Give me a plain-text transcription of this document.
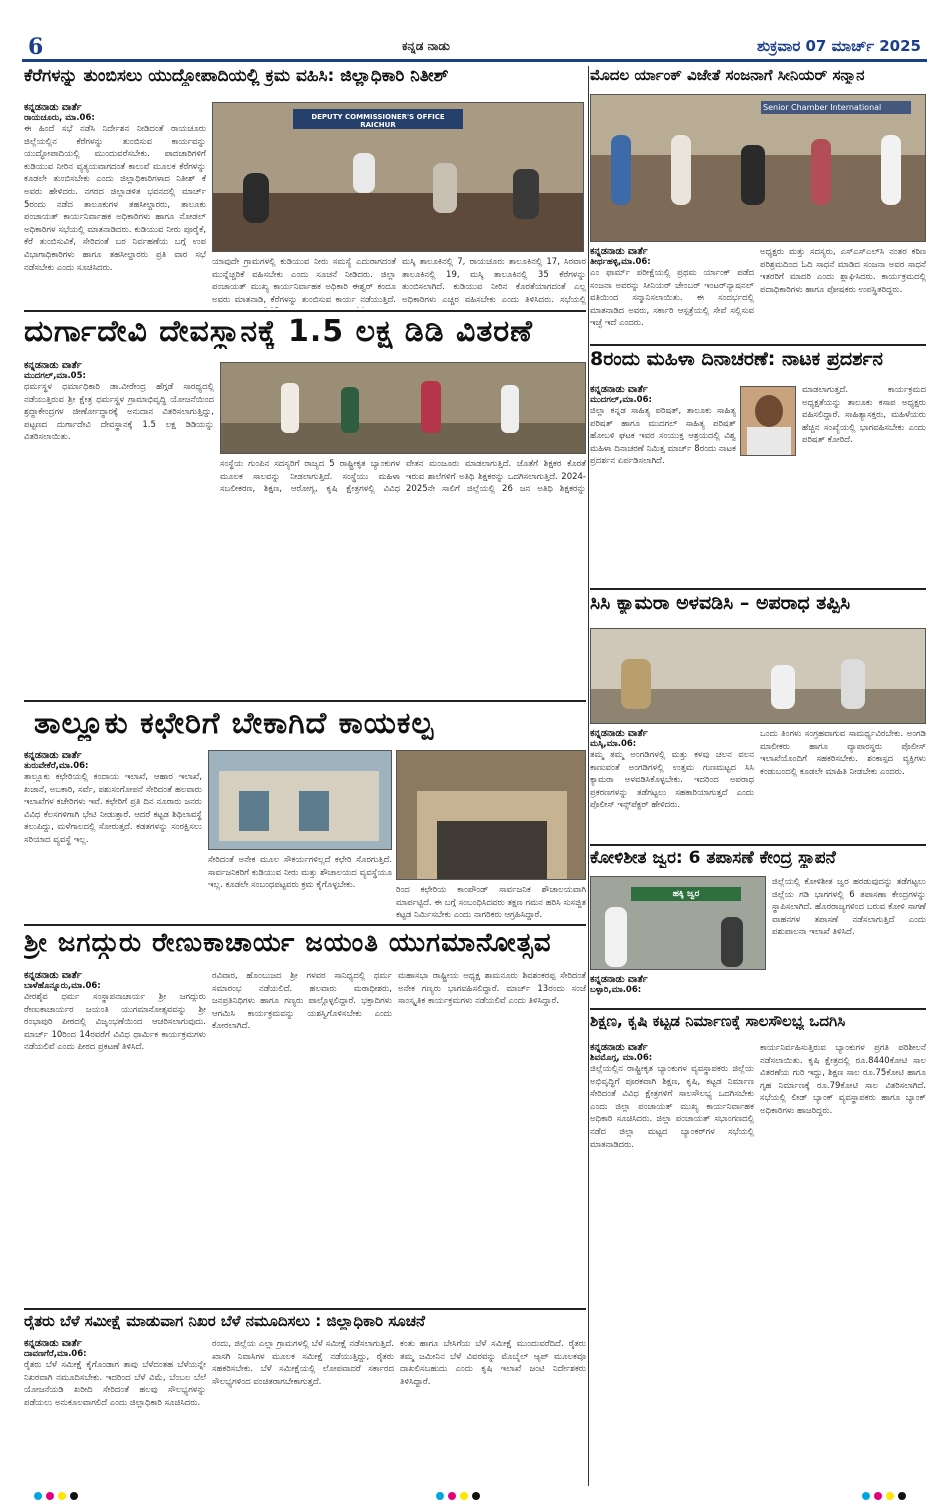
6	ಕನ್ನಡ ನಾಡು	ಶುಕ್ರವಾರ 07 ಮಾರ್ಚ್ 2025
ಕೆರೆಗಳನ್ನು ತುಂಬಿಸಲು ಯುದ್ಧೋಪಾದಿಯಲ್ಲಿ ಕ್ರಮ ವಹಿಸಿ: ಜಿಲ್ಲಾಧಿಕಾರಿ ನಿತೀಶ್
ಕನ್ನಡನಾಡು ವಾರ್ತೆ
ರಾಯಚೂರು, ಮಾ.06:
ಈ ಹಿಂದೆ ಸಭೆ ನಡೆಸಿ ನಿರ್ದೇಶನ ನೀಡಿದಂತೆ ರಾಯಚೂರು ಜಿಲ್ಲೆಯಲ್ಲಿನ ಕೆರೆಗಳನ್ನು ತುಂಬಿಸುವ ಕಾರ್ಯವನ್ನು ಯುದ್ಧೋಪಾದಿಯಲ್ಲಿ ಮುಂದುವರೆಸಬೇಕು. ಪಾದಚಾರಿಗಳಿಗೆ ಕುಡಿಯುವ ನೀರಿನ ವ್ಯತ್ಯಯವಾಗದಂತೆ ಕಾಲುವೆ ಮೂಲಕ ಕೆರೆಗಳನ್ನು ಕೂಡಲೇ ತುಂಬಿಸಬೇಕು ಎಂದು ಜಿಲ್ಲಾಧಿಕಾರಿಗಳಾದ ನಿತೀಶ್ ಕೆ ಅವರು ಹೇಳಿದರು. ನಗರದ ಜಿಲ್ಲಾಡಳಿತ ಭವನದಲ್ಲಿ ಮಾರ್ಚ್ 5ರಂದು ನಡೆದ ತಾಲೂಕುಗಳ ತಹಸೀಲ್ದಾರರು, ತಾಲೂಕು ಪಂಚಾಯತ್ ಕಾರ್ಯನಿರ್ವಾಹಕ ಅಧಿಕಾರಿಗಳು ಹಾಗೂ ನೋಡಲ್ ಅಧಿಕಾರಿಗಳ ಸಭೆಯಲ್ಲಿ ಮಾತನಾಡಿದರು. ಕುಡಿಯುವ ನೀರು ಪೂರೈಕೆ, ಕೆರೆ ತುಂಬಿಸುವಿಕೆ, ಸೇರಿದಂತೆ ಬರ ನಿರ್ವಹಣೆಯ ಬಗ್ಗೆ ಉಪ ವಿಭಾಗಾಧಿಕಾರಿಗಳು ಹಾಗೂ ತಹಸೀಲ್ದಾರರು ಪ್ರತಿ ವಾರ ಸಭೆ ನಡೆಸಬೇಕು ಎಂದು ಸೂಚಿಸಿದರು.
DEPUTY COMMISSIONER'S OFFICE RAICHUR
ಯಾವುದೇ ಗ್ರಾಮಗಳಲ್ಲಿ ಕುಡಿಯುವ ನೀರು ಸಮಸ್ಯೆ ಎದುರಾಗದಂತೆ ಮುನ್ನೆಚ್ಚರಿಕೆ ವಹಿಸಬೇಕು ಎಂದು ಸೂಚನೆ ನೀಡಿದರು. ಜಿಲ್ಲಾ ಪಂಚಾಯತ್ ಮುಖ್ಯ ಕಾರ್ಯನಿರ್ವಾಹಕ ಅಧಿಕಾರಿ ಈಶ್ವರ್ ಕಂದೂ ಅವರು ಮಾತನಾಡಿ, ಕೆರೆಗಳನ್ನು ತುಂಬಿಸುವ ಕಾರ್ಯ ನಡೆಯುತ್ತಿದೆ.
ಮಸ್ಕಿ ತಾಲೂಕಿನಲ್ಲಿ 7, ರಾಯಚೂರು ತಾಲೂಕಿನಲ್ಲಿ 17, ಸಿರವಾರ ತಾಲೂಕಿನಲ್ಲಿ 19, ಮಸ್ಕಿ ತಾಲೂಕಿನಲ್ಲಿ 35 ಕೆರೆಗಳನ್ನು ತುಂಬಿಸಲಾಗಿದೆ. ಕುಡಿಯುವ ನೀರಿನ ಕೊರತೆಯಾಗದಂತೆ ಎಲ್ಲ ಅಧಿಕಾರಿಗಳು ಎಚ್ಚರ ವಹಿಸಬೇಕು ಎಂದು ತಿಳಿಸಿದರು. ಸಭೆಯಲ್ಲಿ
ದುರ್ಗಾದೇವಿ ದೇವಸ್ಥಾನಕ್ಕೆ 1.5 ಲಕ್ಷ ಡಿಡಿ ವಿತರಣೆ
ಕನ್ನಡನಾಡು ವಾರ್ತೆ
ಮುದಗಲ್,ಮಾ.05:
ಧರ್ಮಸ್ಥಳ ಧರ್ಮಾಧಿಕಾರಿ ಡಾ.ವೀರೇಂದ್ರ ಹೆಗ್ಗಡೆ ಸಾರಥ್ಯದಲ್ಲಿ ನಡೆಯುತ್ತಿರುವ ಶ್ರೀ ಕ್ಷೇತ್ರ ಧರ್ಮಸ್ಥಳ ಗ್ರಾಮಾಭಿವೃದ್ಧಿ ಯೋಜನೆಯಿಂದ ಶ್ರದ್ಧಾಕೇಂದ್ರಗಳ ಜೀರ್ಣೋದ್ಧಾರಕ್ಕೆ ಅನುದಾನ ವಿತರಿಸಲಾಗುತ್ತಿದ್ದು, ಪಟ್ಟಣದ ದುರ್ಗಾದೇವಿ ದೇವಸ್ಥಾನಕ್ಕೆ 1.5 ಲಕ್ಷ ಡಿಡಿಯನ್ನು ವಿತರಿಸಲಾಯಿತು.
ಸಂಸ್ಥೆಯ ಗುಂಪಿನ ಸದಸ್ಯರಿಗೆ ರಾಜ್ಯದ 5 ರಾಷ್ಟ್ರೀಕೃತ ಬ್ಯಾಂಕುಗಳ ಮೂಲಕ ಸಾಲವನ್ನು ನೀಡಲಾಗುತ್ತಿದೆ. ಸಂಸ್ಥೆಯು ಮಹಿಳಾ ಸಬಲೀಕರಣ, ಶಿಕ್ಷಣ, ಆರೋಗ್ಯ, ಕೃಷಿ ಕ್ಷೇತ್ರಗಳಲ್ಲಿ ವಿವಿಧ
ವೇತನ ಮಂಜೂರು ಮಾಡಲಾಗುತ್ತಿದೆ. ಜೊತೆಗೆ ಶಿಕ್ಷಕರ ಕೊರತೆ ಇರುವ ಶಾಲೆಗಳಿಗೆ ಅತಿಥಿ ಶಿಕ್ಷಕರನ್ನು ಒದಗಿಸಲಾಗುತ್ತಿದೆ. 2024-2025ನೇ ಸಾಲಿಗೆ ಜಿಲ್ಲೆಯಲ್ಲಿ 26 ಜನ ಅತಿಥಿ ಶಿಕ್ಷಕರನ್ನು
ತಾಲ್ಲೂಕು ಕಛೇರಿಗೆ ಬೇಕಾಗಿದೆ ಕಾಯಕಲ್ಪ
ಕನ್ನಡನಾಡು ವಾರ್ತೆ
ತುರುವೇಕೆರೆ,ಮಾ.06:
ತಾಲ್ಲೂಕು ಕಛೇರಿಯಲ್ಲಿ ಕಂದಾಯ ಇಲಾಖೆ, ಆಹಾರ ಇಲಾಖೆ, ಖಜಾನೆ, ಅಬಕಾರಿ, ಸರ್ವೆ, ಪಶುಸಂಗೋಪನೆ ಸೇರಿದಂತೆ ಹಲವಾರು ಇಲಾಖೆಗಳ ಕಚೇರಿಗಳು ಇವೆ. ಕಛೇರಿಗೆ ಪ್ರತಿ ದಿನ ನೂರಾರು ಜನರು ವಿವಿಧ ಕೆಲಸಗಳಿಗಾಗಿ ಭೇಟಿ ನೀಡುತ್ತಾರೆ. ಆದರೆ ಕಟ್ಟಡ ಶಿಥಿಲಾವಸ್ಥೆ ತಲುಪಿದ್ದು, ಮಳೆಗಾಲದಲ್ಲಿ ಸೋರುತ್ತದೆ. ಕಡತಗಳನ್ನು ಸಂರಕ್ಷಿಸಲು ಸರಿಯಾದ ವ್ಯವಸ್ಥೆ ಇಲ್ಲ.
ಸೇರಿದಂತೆ ಅನೇಕ ಮೂಲ ಸೌಕರ್ಯಗಳಿಲ್ಲದೆ ಕಛೇರಿ ಸೊರಗುತ್ತಿದೆ. ಸಾರ್ವಜನಿಕರಿಗೆ ಕುಡಿಯುವ ನೀರು ಮತ್ತು ಶೌಚಾಲಯದ ವ್ಯವಸ್ಥೆಯೂ ಇಲ್ಲ. ಕೂಡಲೇ ಸಂಬಂಧಪಟ್ಟವರು ಕ್ರಮ ಕೈಗೊಳ್ಳಬೇಕು.	ರಿಂದ ಕಛೇರಿಯ ಕಾಂಪೌಂಡ್ ಸಾರ್ವಜನಿಕ ಶೌಚಾಲಯವಾಗಿ ಮಾರ್ಪಟ್ಟಿದೆ. ಈ ಬಗ್ಗೆ ಸಂಬಂಧಿಸಿದವರು ತಕ್ಷಣ ಗಮನ ಹರಿಸಿ ಸುಸಜ್ಜಿತ ಕಟ್ಟಡ ನಿರ್ಮಿಸಬೇಕು ಎಂದು ನಾಗರಿಕರು ಆಗ್ರಹಿಸಿದ್ದಾರೆ.
ಶ್ರೀ ಜಗದ್ಗುರು ರೇಣುಕಾಚಾರ್ಯ ಜಯಂತಿ ಯುಗಮಾನೋತ್ಸವ
ಕನ್ನಡನಾಡು ವಾರ್ತೆ
ಬಾಳೆಹೊನ್ನೂರು,ಮಾ.06:
ವೀರಶೈವ ಧರ್ಮ ಸಂಸ್ಥಾಪನಾಚಾರ್ಯ ಶ್ರೀ ಜಗದ್ಗುರು ರೇಣುಕಾಚಾರ್ಯರ ಜಯಂತಿ ಯುಗಮಾನೋತ್ಸವವನ್ನು ಶ್ರೀ ರಂಭಾಪುರಿ ಪೀಠದಲ್ಲಿ ವಿಜೃಂಭಣೆಯಿಂದ ಆಚರಿಸಲಾಗುವುದು. ಮಾರ್ಚ್ 10ರಿಂದ 14ರವರೆಗೆ ವಿವಿಧ ಧಾರ್ಮಿಕ ಕಾರ್ಯಕ್ರಮಗಳು ನಡೆಯಲಿವೆ ಎಂದು ಪೀಠದ ಪ್ರಕಟಣೆ ತಿಳಿಸಿದೆ.
ರವಿವಾರ, ಹೊಂಬುಜದ ಶ್ರೀ ಗಳವರ ಸಾನಿಧ್ಯದಲ್ಲಿ ಧರ್ಮ ಸಮಾರಂಭ ನಡೆಯಲಿದೆ. ಹಲವಾರು ಮಠಾಧೀಶರು, ಜನಪ್ರತಿನಿಧಿಗಳು ಹಾಗೂ ಗಣ್ಯರು ಪಾಲ್ಗೊಳ್ಳಲಿದ್ದಾರೆ. ಭಕ್ತಾದಿಗಳು ಆಗಮಿಸಿ ಕಾರ್ಯಕ್ರಮವನ್ನು ಯಶಸ್ವಿಗೊಳಿಸಬೇಕು ಎಂದು ಕೋರಲಾಗಿದೆ.
ಮಹಾಸಭಾ ರಾಷ್ಟ್ರೀಯ ಅಧ್ಯಕ್ಷ ಶಾಮನೂರು ಶಿವಶಂಕರಪ್ಪ ಸೇರಿದಂತೆ ಅನೇಕ ಗಣ್ಯರು ಭಾಗವಹಿಸಲಿದ್ದಾರೆ. ಮಾರ್ಚ್ 13ರಂದು ಸಂಜೆ ಸಾಂಸ್ಕೃತಿಕ ಕಾರ್ಯಕ್ರಮಗಳು ನಡೆಯಲಿವೆ ಎಂದು ತಿಳಿಸಿದ್ದಾರೆ.
ರೈತರು ಬೆಳೆ ಸಮೀಕ್ಷೆ ಮಾಡುವಾಗ ನಿಖರ ಬೆಳೆ ನಮೂದಿಸಲು : ಜಿಲ್ಲಾಧಿಕಾರಿ ಸೂಚನೆ
ಕನ್ನಡನಾಡು ವಾರ್ತೆ
ದಾವಣಗೆರೆ,ಮಾ.06:
ರೈತರು ಬೆಳೆ ಸಮೀಕ್ಷೆ ಕೈಗೊಂಡಾಗ ತಾವು ಬೆಳೆದಂತಹ ಬೆಳೆಯನ್ನೇ ನಿಖರವಾಗಿ ನಮೂದಿಸಬೇಕು. ಇದರಿಂದ ಬೆಳೆ ವಿಮೆ, ಬೆಂಬಲ ಬೆಲೆ ಯೋಜನೆಯಡಿ ಖರೀದಿ ಸೇರಿದಂತೆ ಹಲವು ಸೌಲಭ್ಯಗಳನ್ನು ಪಡೆಯಲು ಅನುಕೂಲವಾಗಲಿದೆ ಎಂದು ಜಿಲ್ಲಾಧಿಕಾರಿ ಸೂಚಿಸಿದರು.
ರಂದು, ಜಿಲ್ಲೆಯ ಎಲ್ಲಾ ಗ್ರಾಮಗಳಲ್ಲಿ ಬೆಳೆ ಸಮೀಕ್ಷೆ ನಡೆಸಲಾಗುತ್ತಿದೆ. ಖಾಸಗಿ ನಿವಾಸಿಗಳ ಮೂಲಕ ಸಮೀಕ್ಷೆ ನಡೆಯುತ್ತಿದ್ದು, ರೈತರು ಸಹಕರಿಸಬೇಕು. ಬೆಳೆ ಸಮೀಕ್ಷೆಯಲ್ಲಿ ಲೋಪವಾದರೆ ಸರ್ಕಾರದ ಸೌಲಭ್ಯಗಳಿಂದ ವಂಚಿತರಾಗಬೇಕಾಗುತ್ತದೆ.
ಕಂತು ಹಾಗೂ ಬೇಸಿಗೆಯ ಬೆಳೆ ಸಮೀಕ್ಷೆ ಮುಂದುವರೆದಿದೆ. ರೈತರು ತಮ್ಮ ಜಮೀನಿನ ಬೆಳೆ ವಿವರವನ್ನು ಮೊಬೈಲ್ ಆ್ಯಪ್ ಮೂಲಕವೂ ದಾಖಲಿಸಬಹುದು ಎಂದು ಕೃಷಿ ಇಲಾಖೆ ಜಂಟಿ ನಿರ್ದೇಶಕರು ತಿಳಿಸಿದ್ದಾರೆ.
ಮೊದಲ ರ್ಯಾಂಕ್ ವಿಜೇತೆ ಸಂಜನಾಗೆ ಸೀನಿಯರ್ ಸನ್ಮಾನ
Senior Chamber International
ಕನ್ನಡನಾಡು ವಾರ್ತೆ
ತೀರ್ಥಹಳ್ಳಿ,ಮಾ.06:
ಎಂ ಫಾರ್ಮ್ ಪರೀಕ್ಷೆಯಲ್ಲಿ ಪ್ರಥಮ ರ್ಯಾಂಕ್ ಪಡೆದ ಸಂಜನಾ ಅವರನ್ನು ಸೀನಿಯರ್ ಚೇಂಬರ್ ಇಂಟರ್‌ನ್ಯಾಷನಲ್ ವತಿಯಿಂದ ಸನ್ಮಾನಿಸಲಾಯಿತು. ಈ ಸಂದರ್ಭದಲ್ಲಿ ಮಾತನಾಡಿದ ಅವರು, ಸರ್ಕಾರಿ ಆಸ್ಪತ್ರೆಯಲ್ಲಿ ಸೇವೆ ಸಲ್ಲಿಸುವ ಇಚ್ಛೆ ಇದೆ ಎಂದರು.
ಅಧ್ಯಕ್ಷರು ಮತ್ತು ಸದಸ್ಯರು, ಎಸ್‌ಎಸ್‌ಎಲ್‌ಸಿ ನಂತರ ಕಠಿಣ ಪರಿಶ್ರಮದಿಂದ ಓದಿ ಸಾಧನೆ ಮಾಡಿದ ಸಂಜನಾ ಅವರ ಸಾಧನೆ ಇತರರಿಗೆ ಮಾದರಿ ಎಂದು ಶ್ಲಾಘಿಸಿದರು. ಕಾರ್ಯಕ್ರಮದಲ್ಲಿ ಪದಾಧಿಕಾರಿಗಳು ಹಾಗೂ ಪೋಷಕರು ಉಪಸ್ಥಿತರಿದ್ದರು.
8ರಂದು ಮಹಿಳಾ ದಿನಾಚರಣೆ: ನಾಟಕ ಪ್ರದರ್ಶನ
ಕನ್ನಡನಾಡು ವಾರ್ತೆ
ಮುದಗಲ್,ಮಾ.06:
ಜಿಲ್ಲಾ ಕನ್ನಡ ಸಾಹಿತ್ಯ ಪರಿಷತ್, ತಾಲೂಕು ಸಾಹಿತ್ಯ ಪರಿಷತ್ ಹಾಗೂ ಮುದಗಲ್ ಸಾಹಿತ್ಯ ಪರಿಷತ್ ಹೋಬಳಿ ಘಟಕ ಇವರ ಸಂಯುಕ್ತ ಆಶ್ರಯದಲ್ಲಿ ವಿಶ್ವ ಮಹಿಳಾ ದಿನಾಚರಣೆ ನಿಮಿತ್ತ ಮಾರ್ಚ್ 8ರಂದು ನಾಟಕ ಪ್ರದರ್ಶನ ಏರ್ಪಡಿಸಲಾಗಿದೆ.
ಮಾಡಲಾಗುತ್ತದೆ. ಕಾರ್ಯಕ್ರಮದ ಅಧ್ಯಕ್ಷತೆಯನ್ನು ತಾಲೂಕು ಕಸಾಪ ಅಧ್ಯಕ್ಷರು ವಹಿಸಲಿದ್ದಾರೆ. ಸಾಹಿತ್ಯಾಸಕ್ತರು, ಮಹಿಳೆಯರು ಹೆಚ್ಚಿನ ಸಂಖ್ಯೆಯಲ್ಲಿ ಭಾಗವಹಿಸಬೇಕು ಎಂದು ಪರಿಷತ್ ಕೋರಿದೆ.
ಸಿಸಿ ಕ್ಯಾಮರಾ ಅಳವಡಿಸಿ – ಅಪರಾಧ ತಪ್ಪಿಸಿ
ಕನ್ನಡನಾಡು ವಾರ್ತೆ
ಮಸ್ಕಿ,ಮಾ.06:
ತಮ್ಮ ತಮ್ಮ ಅಂಗಡಿಗಳಲ್ಲಿ ಮತ್ತು ಕಳವು ಚಲನ ವಲನ ಕಾಣುವಂತೆ ಅಂಗಡಿಗಳಲ್ಲಿ ಉತ್ತಮ ಗುಣಮಟ್ಟದ ಸಿಸಿ ಕ್ಯಾಮರಾ ಅಳವಡಿಸಿಕೊಳ್ಳಬೇಕು. ಇದರಿಂದ ಅಪರಾಧ ಪ್ರಕರಣಗಳನ್ನು ತಡೆಗಟ್ಟಲು ಸಹಕಾರಿಯಾಗುತ್ತದೆ ಎಂದು ಪೊಲೀಸ್ ಇನ್ಸ್‌ಪೆಕ್ಟರ್ ಹೇಳಿದರು.
ಒಂದು ತಿಂಗಳು ಸಂಗ್ರಹವಾಗುವ ಸಾಮರ್ಥ್ಯವಿರಬೇಕು. ಅಂಗಡಿ ಮಾಲೀಕರು ಹಾಗೂ ವ್ಯಾಪಾರಸ್ಥರು ಪೊಲೀಸ್ ಇಲಾಖೆಯೊಂದಿಗೆ ಸಹಕರಿಸಬೇಕು. ಶಂಕಾಸ್ಪದ ವ್ಯಕ್ತಿಗಳು ಕಂಡುಬಂದಲ್ಲಿ ಕೂಡಲೇ ಮಾಹಿತಿ ನೀಡಬೇಕು ಎಂದರು.
ಕೋಳಿಶೀತ ಜ್ವರ: 6 ತಪಾಸಣೆ ಕೇಂದ್ರ ಸ್ಥಾಪನೆ
ಹಕ್ಕಿ ಜ್ವರ
ಕನ್ನಡನಾಡು ವಾರ್ತೆ
ಬಳ್ಳಾರಿ,ಮಾ.06:
ಜಿಲ್ಲೆಯಲ್ಲಿ ಕೋಳಿಶೀತ ಜ್ವರ ಹರಡುವುದನ್ನು ತಡೆಗಟ್ಟಲು ಜಿಲ್ಲೆಯ ಗಡಿ ಭಾಗಗಳಲ್ಲಿ 6 ತಪಾಸಣಾ ಕೇಂದ್ರಗಳನ್ನು ಸ್ಥಾಪಿಸಲಾಗಿದೆ. ಹೊರರಾಜ್ಯಗಳಿಂದ ಬರುವ ಕೋಳಿ ಸಾಗಣೆ ವಾಹನಗಳ ತಪಾಸಣೆ ನಡೆಸಲಾಗುತ್ತಿದೆ ಎಂದು ಪಶುಪಾಲನಾ ಇಲಾಖೆ ತಿಳಿಸಿದೆ.
ಶಿಕ್ಷಣ, ಕೃಷಿ ಕಟ್ಟಡ ನಿರ್ಮಾಣಕ್ಕೆ ಸಾಲಸೌಲಭ್ಯ ಒದಗಿಸಿ
ಕನ್ನಡನಾಡು ವಾರ್ತೆ
ಶಿವಮೊಗ್ಗ, ಮಾ.06:
ಜಿಲ್ಲೆಯಲ್ಲಿನ ರಾಷ್ಟ್ರೀಕೃತ ಬ್ಯಾಂಕುಗಳ ವ್ಯವಸ್ಥಾಪಕರು ಜಿಲ್ಲೆಯ ಅಭಿವೃದ್ಧಿಗೆ ಪೂರಕವಾಗಿ ಶಿಕ್ಷಣ, ಕೃಷಿ, ಕಟ್ಟಡ ನಿರ್ಮಾಣ ಸೇರಿದಂತೆ ವಿವಿಧ ಕ್ಷೇತ್ರಗಳಿಗೆ ಸಾಲಸೌಲಭ್ಯ ಒದಗಿಸಬೇಕು ಎಂದು ಜಿಲ್ಲಾ ಪಂಚಾಯತ್ ಮುಖ್ಯ ಕಾರ್ಯನಿರ್ವಾಹಕ ಅಧಿಕಾರಿ ಸೂಚಿಸಿದರು. ಜಿಲ್ಲಾ ಪಂಚಾಯತ್ ಸಭಾಂಗಣದಲ್ಲಿ ನಡೆದ ಜಿಲ್ಲಾ ಮಟ್ಟದ ಬ್ಯಾಂಕರ್‌ಗಳ ಸಭೆಯಲ್ಲಿ ಮಾತನಾಡಿದರು.
ಕಾರ್ಯನಿರ್ವಹಿಸುತ್ತಿರುವ ಬ್ಯಾಂಕುಗಳ ಪ್ರಗತಿ ಪರಿಶೀಲನೆ ನಡೆಸಲಾಯಿತು. ಕೃಷಿ ಕ್ಷೇತ್ರದಲ್ಲಿ ರೂ.8440ಕೋಟಿ ಸಾಲ ವಿತರಣೆಯ ಗುರಿ ಇದ್ದು, ಶಿಕ್ಷಣ ಸಾಲ ರೂ.75ಕೋಟಿ ಹಾಗೂ ಗೃಹ ನಿರ್ಮಾಣಕ್ಕೆ ರೂ.79ಕೋಟಿ ಸಾಲ ವಿತರಿಸಲಾಗಿದೆ. ಸಭೆಯಲ್ಲಿ ಲೀಡ್ ಬ್ಯಾಂಕ್ ವ್ಯವಸ್ಥಾಪಕರು ಹಾಗೂ ಬ್ಯಾಂಕ್ ಅಧಿಕಾರಿಗಳು ಹಾಜರಿದ್ದರು.
